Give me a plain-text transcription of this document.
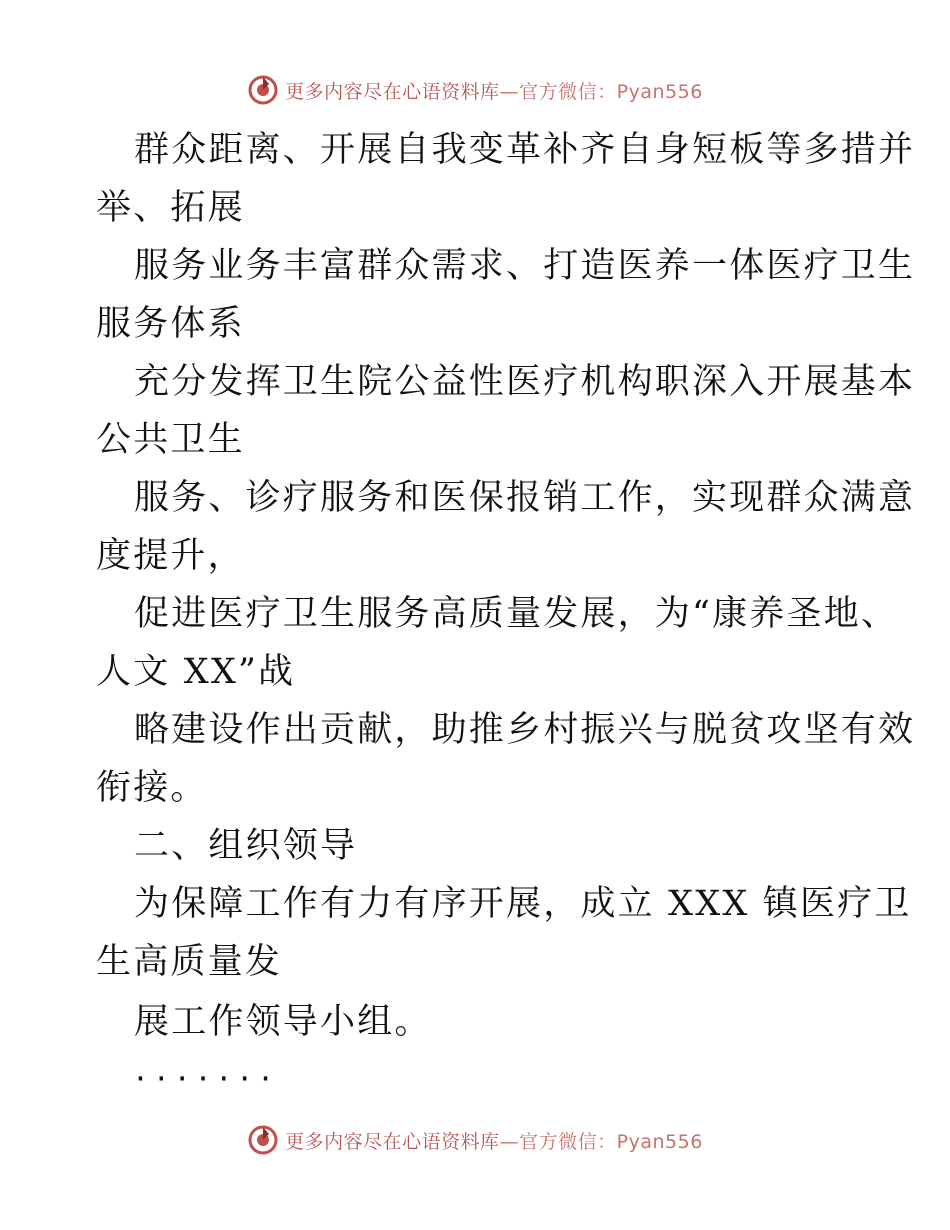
更多内容尽在心语资料库—官方微信：Pyan556
群众距离、开展自我变革补齐自身短板等多措并
举、拓展
服务业务丰富群众需求、打造医养一体医疗卫生
服务体系
充分发挥卫生院公益性医疗机构职深入开展基本
公共卫生
服务、诊疗服务和医保报销工作，实现群众满意
度提升，
促进医疗卫生服务高质量发展，为“康养圣地、
人文 XX”战
略建设作出贡献，助推乡村振兴与脱贫攻坚有效
衔接。
二、组织领导
为保障工作有力有序开展，成立 XXX 镇医疗卫
生高质量发
展工作领导小组。
·······
更多内容尽在心语资料库—官方微信：Pyan556
